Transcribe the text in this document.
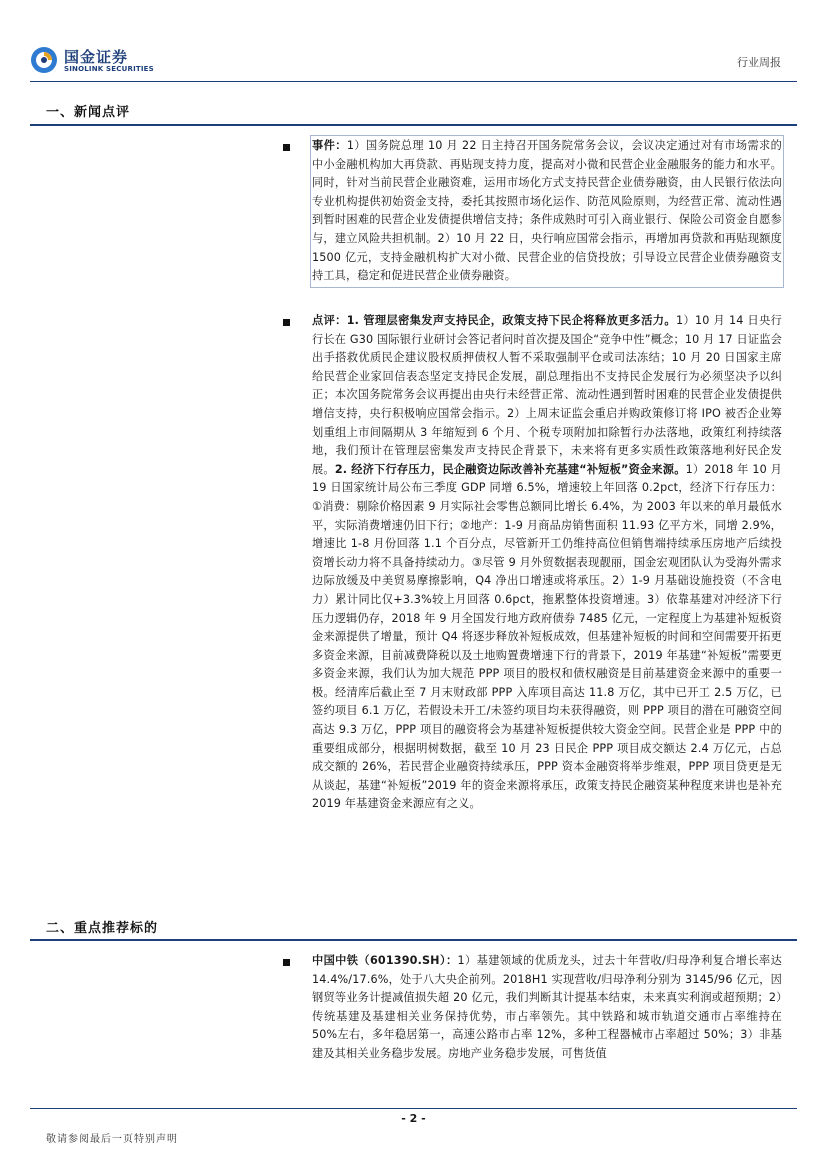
国金证券
SINOLINK SECURITIES	行业周报
一、新闻点评
事件：1）国务院总理 10 月 22 日主持召开国务院常务会议，会议决定通过对有市场需求的中小金融机构加大再贷款、再贴现支持力度，提高对小微和民营企业金融服务的能力和水平。同时，针对当前民营企业融资难，运用市场化方式支持民营企业债券融资，由人民银行依法向专业机构提供初始资金支持，委托其按照市场化运作、防范风险原则，为经营正常、流动性遇到暂时困难的民营企业发债提供增信支持；条件成熟时可引入商业银行、保险公司资金自愿参与，建立风险共担机制。2）10 月 22 日，央行响应国常会指示，再增加再贷款和再贴现额度 1500 亿元，支持金融机构扩大对小微、民营企业的信贷投放；引导设立民营企业债券融资支持工具，稳定和促进民营企业债券融资。
点评：1. 管理层密集发声支持民企，政策支持下民企将释放更多活力。1）10 月 14 日央行行长在 G30 国际银行业研讨会答记者问时首次提及国企“竞争中性”概念；10 月 17 日证监会出手搭救优质民企建议股权质押债权人暂不采取强制平仓或司法冻结；10 月 20 日国家主席给民营企业家回信表态坚定支持民企发展，副总理指出不支持民企发展行为必须坚决予以纠正；本次国务院常务会议再提出由央行未经营正常、流动性遇到暂时困难的民营企业发债提供增信支持，央行积极响应国常会指示。2）上周末证监会重启并购政策修订将 IPO 被否企业筹划重组上市间隔期从 3 年缩短到 6 个月、个税专项附加扣除暂行办法落地，政策红利持续落地，我们预计在管理层密集发声支持民企背景下，未来将有更多实质性政策落地利好民企发展。2. 经济下行存压力，民企融资边际改善补充基建“补短板”资金来源。1）2018 年 10 月 19 日国家统计局公布三季度 GDP 同增 6.5%，增速较上年回落 0.2pct，经济下行存压力：①消费：剔除价格因素 9 月实际社会零售总额同比增长 6.4%，为 2003 年以来的单月最低水平，实际消费增速仍旧下行；②地产：1-9 月商品房销售面积 11.93 亿平方米，同增 2.9%，增速比 1-8 月份回落 1.1 个百分点，尽管新开工仍维持高位但销售端持续承压房地产后续投资增长动力将不具备持续动力。③尽管 9 月外贸数据表现靓丽，国金宏观团队认为受海外需求边际放缓及中美贸易摩擦影响，Q4 净出口增速或将承压。2）1-9 月基础设施投资（不含电力）累计同比仅+3.3%较上月回落 0.6pct，拖累整体投资增速。3）依靠基建对冲经济下行压力逻辑仍存，2018 年 9 月全国发行地方政府债券 7485 亿元，一定程度上为基建补短板资金来源提供了增量，预计 Q4 将逐步释放补短板成效，但基建补短板的时间和空间需要开拓更多资金来源，目前减费降税以及土地购置费增速下行的背景下，2019 年基建“补短板”需要更多资金来源，我们认为加大规范 PPP 项目的股权和债权融资是目前基建资金来源中的重要一极。经清库后截止至 7 月末财政部 PPP 入库项目高达 11.8 万亿，其中已开工 2.5 万亿，已签约项目 6.1 万亿，若假设未开工/未签约项目均未获得融资，则 PPP 项目的潜在可融资空间高达 9.3 万亿，PPP 项目的融资将会为基建补短板提供较大资金空间。民营企业是 PPP 中的重要组成部分，根据明树数据，截至 10 月 23 日民企 PPP 项目成交额达 2.4 万亿元，占总成交额的 26%，若民营企业融资持续承压，PPP 资本金融资将举步维艰，PPP 项目贷更是无从谈起，基建“补短板”2019 年的资金来源将承压，政策支持民企融资某种程度来讲也是补充 2019 年基建资金来源应有之义。
二、重点推荐标的
中国中铁（601390.SH）：1）基建领域的优质龙头，过去十年营收/归母净利复合增长率达 14.4%/17.6%，处于八大央企前列。2018H1 实现营收/归母净利分别为 3145/96 亿元，因钢贸等业务计提减值损失超 20 亿元，我们判断其计提基本结束，未来真实利润或超预期；2）传统基建及基建相关业务保持优势，市占率领先。其中铁路和城市轨道交通市占率维持在 50%左右，多年稳居第一，高速公路市占率 12%，多种工程器械市占率超过 50%；3）非基建及其相关业务稳步发展。房地产业务稳步发展，可售货值
- 2 -
敬请参阅最后一页特别声明
